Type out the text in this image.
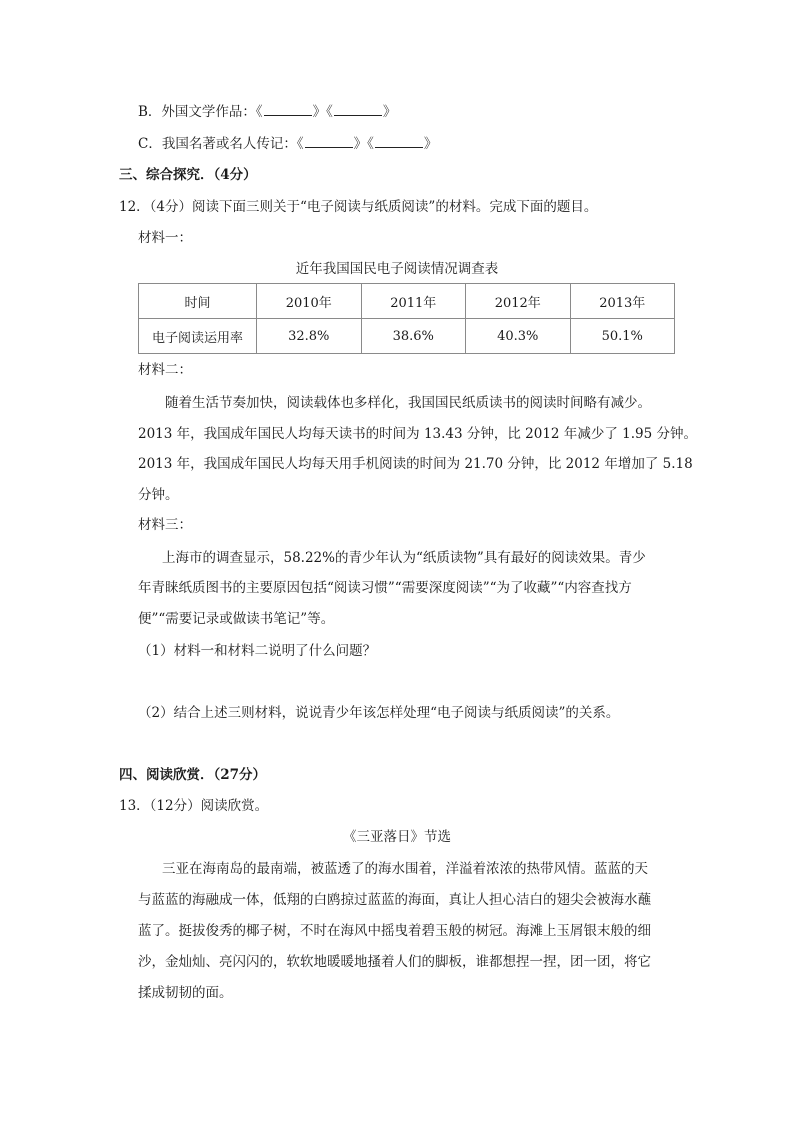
B．外国文学作品：《	》《	》
C．我国名著或名人传记：《	》《	》
三、综合探究．（4分）
12．（4分）阅读下面三则关于“电子阅读与纸质阅读”的材料。完成下面的题目。
材料一：
近年我国国民电子阅读情况调查表
时间	2010年	2011年	2012年	2013年
电子阅读运用率	32.8%	38.6%	40.3%	50.1%
材料二：
随着生活节奏加快，阅读载体也多样化，我国国民纸质读书的阅读时间略有减少。
2013 年，我国成年国民人均每天读书的时间为 13.43 分钟，比 2012 年减少了 1.95 分钟。
2013 年，我国成年国民人均每天用手机阅读的时间为 21.70 分钟，比 2012 年增加了 5.18
分钟。
材料三：
上海市的调查显示，58.22%的青少年认为“纸质读物”具有最好的阅读效果。青少
年青睐纸质图书的主要原因包括“阅读习惯”“需要深度阅读”“为了收藏”“内容查找方
便”“需要记录或做读书笔记”等。
（1）材料一和材料二说明了什么问题？
（2）结合上述三则材料，说说青少年该怎样处理“电子阅读与纸质阅读”的关系。
四、阅读欣赏．（27分）
13．（12分）阅读欣赏。
《三亚落日》节选
三亚在海南岛的最南端，被蓝透了的海水围着，洋溢着浓浓的热带风情。蓝蓝的天
与蓝蓝的海融成一体，低翔的白鸥掠过蓝蓝的海面，真让人担心洁白的翅尖会被海水蘸
蓝了。挺拔俊秀的椰子树，不时在海风中摇曳着碧玉般的树冠。海滩上玉屑银末般的细
沙，金灿灿、亮闪闪的，软软地暖暖地搔着人们的脚板，谁都想捏一捏，团一团，将它
揉成韧韧的面。
